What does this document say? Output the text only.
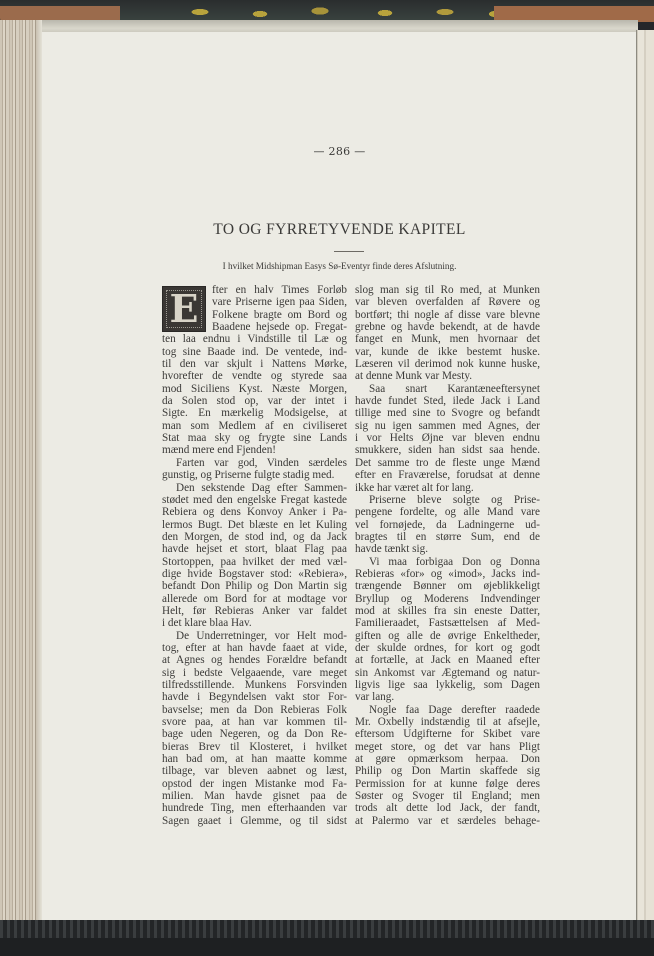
— 286 —
TO OG FYRRETYVENDE KAPITEL
I hvilket Midshipman Easys Sø-Eventyr finde deres Afslutning.
E	fter en halv Times Forløb
vare Priserne igen paa Siden,
Folkene bragte om Bord og
Baadene hejsede op. Fregat-
ten laa endnu i Vindstille til Læ og
tog sine Baade ind. De ventede, ind-
til den var skjult i Nattens Mørke,
hvorefter de vendte og styrede saa
mod Siciliens Kyst. Næste Morgen,
da Solen stod op, var der intet i
Sigte. En mærkelig Modsigelse, at
man som Medlem af en civiliseret
Stat maa sky og frygte sine Lands
mænd mere end Fjenden!
Farten var god, Vinden særdeles
gunstig, og Priserne fulgte stadig med.
Den sekstende Dag efter Sammen-
stødet med den engelske Fregat kastede
Rebiera og dens Konvoy Anker i Pa-
lermos Bugt. Det blæste en let Kuling
den Morgen, de stod ind, og da Jack
havde hejset et stort, blaat Flag paa
Stortoppen, paa hvilket der med væl-
dige hvide Bogstaver stod: «Rebiera»,
befandt Don Philip og Don Martin sig
allerede om Bord for at modtage vor
Helt, før Rebieras Anker var faldet
i det klare blaa Hav.
De Underretninger, vor Helt mod-
tog, efter at han havde faaet at vide,
at Agnes og hendes Forældre befandt
sig i bedste Velgaaende, vare meget
tilfredsstillende. Munkens Forsvinden
havde i Begyndelsen vakt stor For-
bavselse; men da Don Rebieras Folk
svore paa, at han var kommen til-
bage uden Negeren, og da Don Re-
bieras Brev til Klosteret, i hvilket
han bad om, at han maatte komme
tilbage, var bleven aabnet og læst,
opstod der ingen Mistanke mod Fa-
milien. Man havde gisnet paa de
hundrede Ting, men efterhaanden var
Sagen gaaet i Glemme, og til sidst
slog man sig til Ro med, at Munken
var bleven overfalden af Røvere og
bortført; thi nogle af disse vare blevne
grebne og havde bekendt, at de havde
fanget en Munk, men hvornaar det
var, kunde de ikke bestemt huske.
Læseren vil derimod nok kunne huske,
at denne Munk var Mesty.
Saa snart Karantæneeftersynet
havde fundet Sted, ilede Jack i Land
tillige med sine to Svogre og befandt
sig nu igen sammen med Agnes, der
i vor Helts Øjne var bleven endnu
smukkere, siden han sidst saa hende.
Det samme tro de fleste unge Mænd
efter en Fraværelse, forudsat at denne
ikke har været alt for lang.
Priserne bleve solgte og Prise-
pengene fordelte, og alle Mand vare
vel fornøjede, da Ladningerne ud-
bragtes til en større Sum, end de
havde tænkt sig.
Vi maa forbigaa Don og Donna
Rebieras «for» og «imod», Jacks ind-
trængende Bønner om øjeblikkeligt
Bryllup og Moderens Indvendinger
mod at skilles fra sin eneste Datter,
Familieraadet, Fastsættelsen af Med-
giften og alle de øvrige Enkeltheder,
der skulde ordnes, for kort og godt
at fortælle, at Jack en Maaned efter
sin Ankomst var Ægtemand og natur-
ligvis lige saa lykkelig, som Dagen
var lang.
Nogle faa Dage derefter raadede
Mr. Oxbelly indstændig til at afsejle,
eftersom Udgifterne for Skibet vare
meget store, og det var hans Pligt
at gøre opmærksom herpaa. Don
Philip og Don Martin skaffede sig
Permission for at kunne følge deres
Søster og Svoger til England; men
trods alt dette lod Jack, der fandt,
at Palermo var et særdeles behage-
